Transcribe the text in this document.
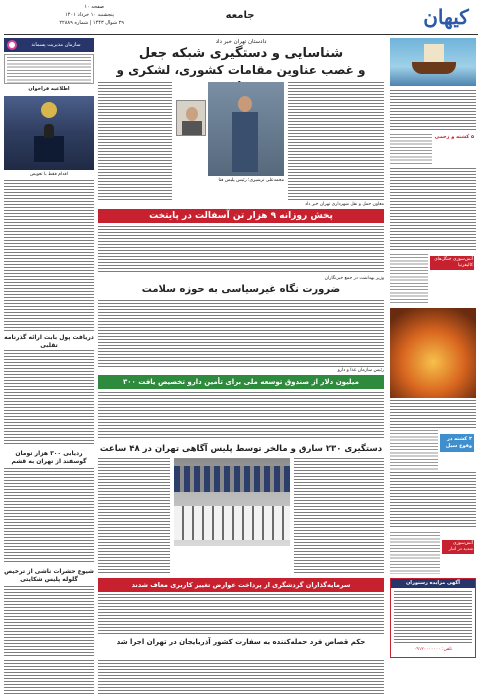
کیهان
جامعه
صفحه ۱۰
پنجشنبه ۱۰ خرداد ۱۴۰۱
۲۹ شوال ۱۴۴۳ | شماره ۲۲۸۸۹
۵ کشته و زخمی
آتش‌سوزی جنگل‌های کالیفرنیا
۳ کشته در وقوع سیل
آتش‌سوزی شدید در انبار
آگهی مزایده رستوران
تلفن: ۰۹۱۲۰۰۰۰۰۰۰
سازمان مدیریت پسماند
اطلاعیه فراخوان
اقدام فقط با تعویض
دریافت پول بابت ارائه گذرنامه تقلبی
ردیابی ۳۰۰ هزار تومان گوسفند از تهران به قشم
شیوع حشرات ناشی از ترخیص گلوله پلیس شکایتی
دادستان تهران خبر داد
شناسایی و دستگیری شبکه جعل
و غصب عناوین مقامات کشوری، لشکری و
محمد‌علی ترشیزی؛ رئیس پلیس فتا
معاون حمل و نقل شهرداری تهران خبر داد
پخش روزانه ۹ هزار تن آسفالت در پایتخت
وزیر بهداشت در جمع خبرنگاران
ضرورت نگاه غیرسیاسی به حوزه سلامت
رئیس سازمان غذا و دارو
۳۰۰ میلیون دلار از صندوق توسعه ملی برای تأمین دارو تخصیص یافت
دستگیری ۲۳۰ سارق و مالخر توسط پلیس آگاهی تهران در ۴۸ ساعت
سرمایه‌گذاران گردشگری از پرداخت عوارض تغییر کاربری معاف شدند
حکم قصاص فرد حمله‌کننده به سفارت کشور آذربایجان در تهران اجرا شد
